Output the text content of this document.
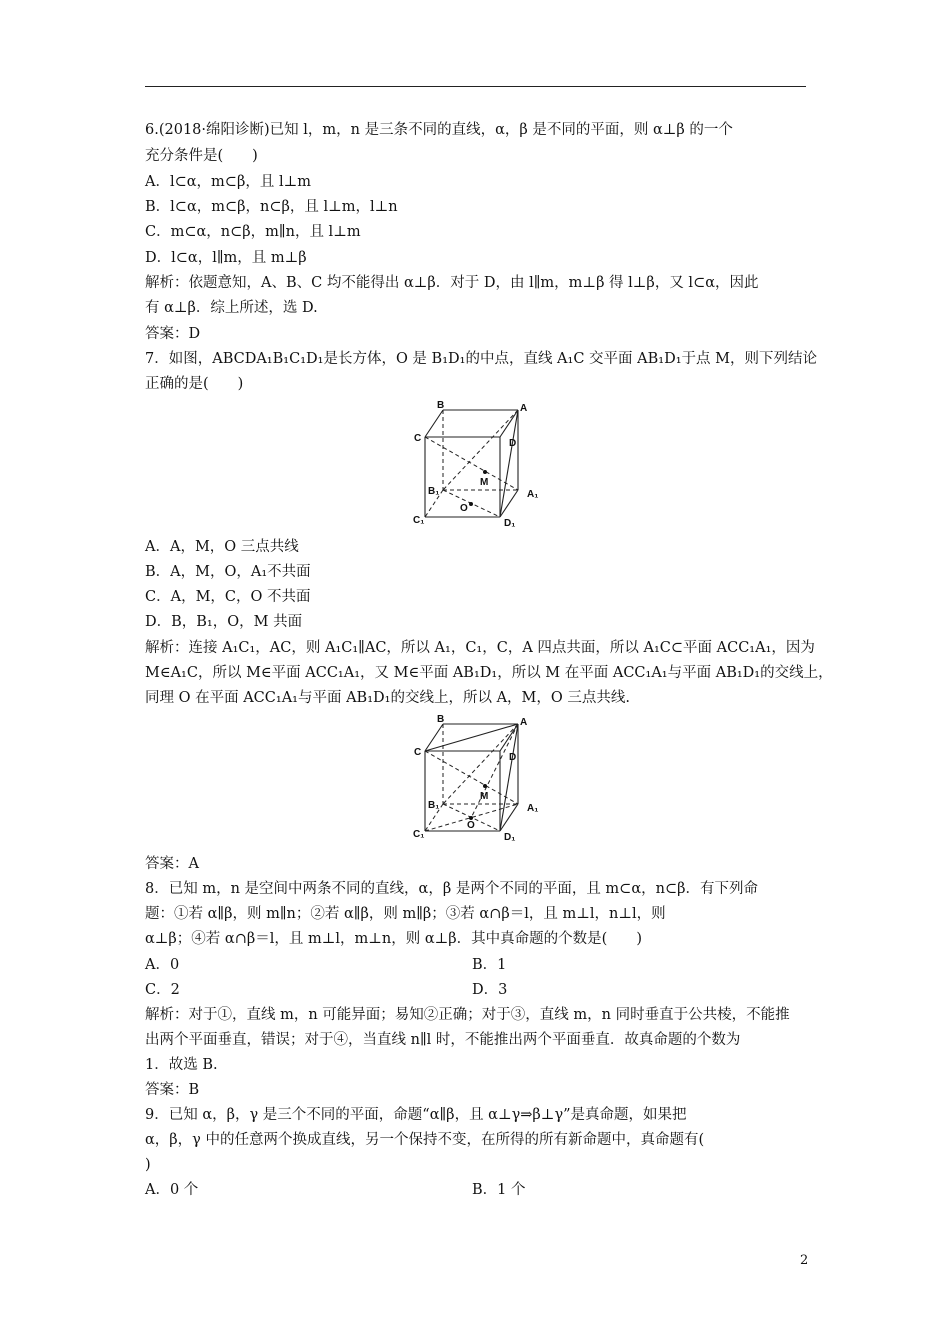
6.(2018·绵阳诊断)已知 l，m，n 是三条不同的直线，α，β 是不同的平面，则 α⊥β 的一个
充分条件是(　　)
A．l⊂α，m⊂β，且 l⊥m
B．l⊂α，m⊂β，n⊂β，且 l⊥m，l⊥n
C．m⊂α，n⊂β，m∥n，且 l⊥m
D．l⊂α，l∥m，且 m⊥β
解析：依题意知，A、B、C 均不能得出 α⊥β．对于 D，由 l∥m，m⊥β 得 l⊥β，又 l⊂α，因此
有 α⊥β．综上所述，选 D.
答案：D
7．如图，ABCDA₁B₁C₁D₁是长方体，O 是 B₁D₁的中点，直线 A₁C 交平面 AB₁D₁于点 M，则下列结论
正确的是(　　)
B	A
C	D
M
B₁	A₁
O
C₁	D₁
A．A，M，O 三点共线
B．A，M，O，A₁不共面
C．A，M，C，O 不共面
D．B，B₁，O，M 共面
解析：连接 A₁C₁，AC，则 A₁C₁∥AC，所以 A₁，C₁，C，A 四点共面，所以 A₁C⊂平面 ACC₁A₁，因为
M∈A₁C，所以 M∈平面 ACC₁A₁，又 M∈平面 AB₁D₁，所以 M 在平面 ACC₁A₁与平面 AB₁D₁的交线上，
同理 O 在平面 ACC₁A₁与平面 AB₁D₁的交线上，所以 A，M，O 三点共线.
B	A
C	D
M
B₁	A₁
O
C₁	D₁
答案：A
8．已知 m，n 是空间中两条不同的直线，α，β 是两个不同的平面，且 m⊂α，n⊂β．有下列命
题：①若 α∥β，则 m∥n；②若 α∥β，则 m∥β；③若 α∩β＝l，且 m⊥l，n⊥l，则
α⊥β；④若 α∩β＝l，且 m⊥l，m⊥n，则 α⊥β．其中真命题的个数是(　　)
A．0	B．1
C．2	D．3
解析：对于①，直线 m，n 可能异面；易知②正确；对于③，直线 m，n 同时垂直于公共棱，不能推
出两个平面垂直，错误；对于④，当直线 n∥l 时，不能推出两个平面垂直．故真命题的个数为
1．故选 B.
答案：B
9．已知 α，β，γ 是三个不同的平面，命题“α∥β，且 α⊥γ⇒β⊥γ”是真命题，如果把
α，β，γ 中的任意两个换成直线，另一个保持不变，在所得的所有新命题中，真命题有(
)
A．0 个	B．1 个
2
